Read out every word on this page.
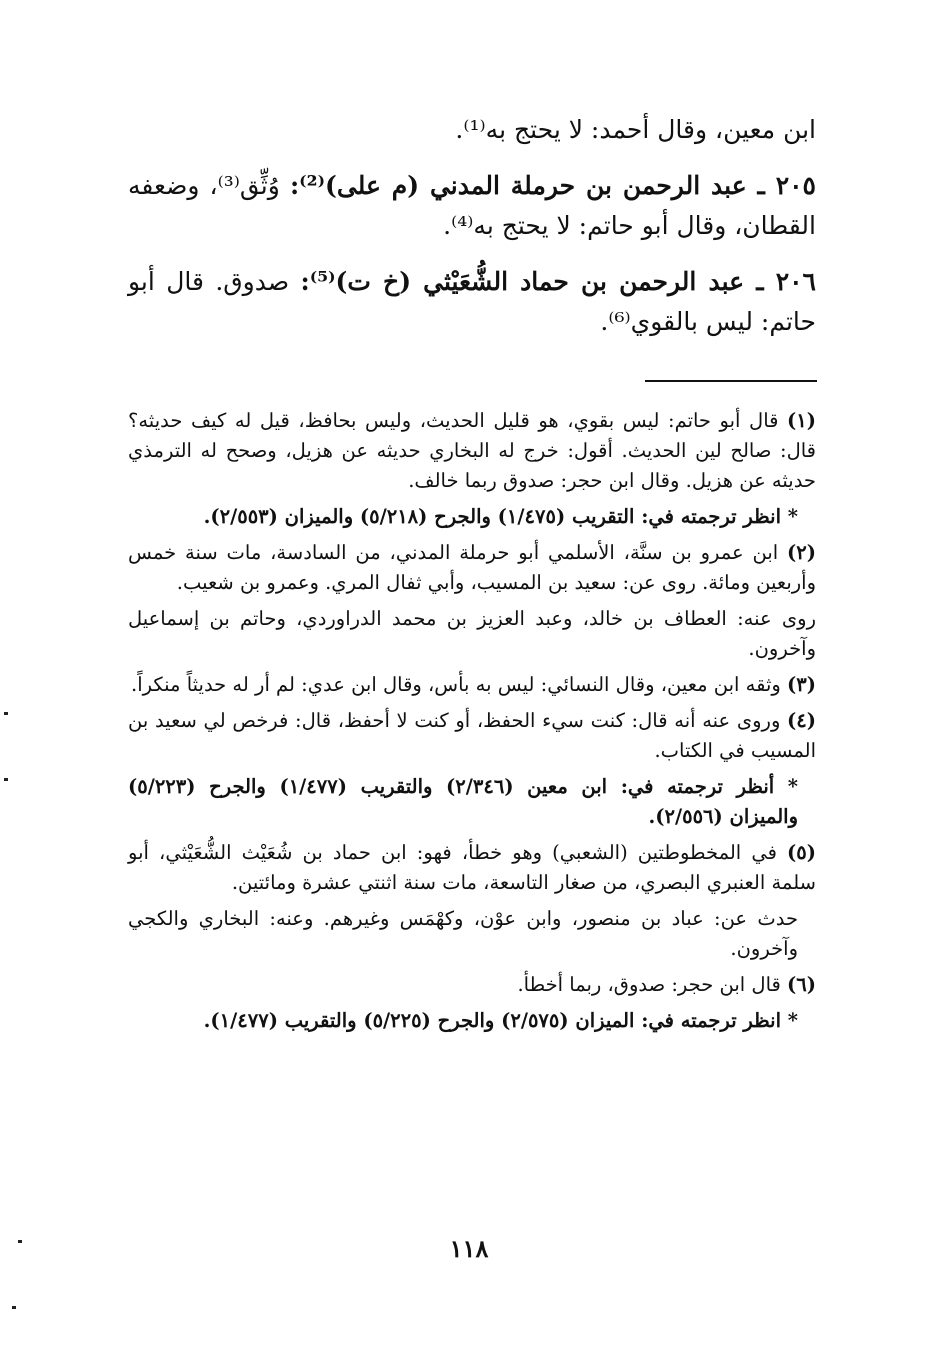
ابن معين، وقال أحمد: لا يحتج به⁽¹⁾.

٢٠٥ ـ عبد الرحمن بن حرملة المدني (م على)⁽²⁾: وُثِّق⁽³⁾، وضعفه القطان، وقال أبو حاتم: لا يحتج به⁽⁴⁾.

٢٠٦ ـ عبد الرحمن بن حماد الشُّعَيْثي (خ ت)⁽⁵⁾: صدوق. قال أبو حاتم: ليس بالقوي⁽⁶⁾.

(١) قال أبو حاتم: ليس بقوي، هو قليل الحديث، وليس بحافظ، قيل له كيف حديثه؟ قال: صالح لين الحديث. أقول: خرج له البخاري حديثه عن هزيل، وصحح له الترمذي حديثه عن هزيل. وقال ابن حجر: صدوق ربما خالف.

* انظر ترجمته في: التقريب (١/٤٧٥) والجرح (٥/٢١٨) والميزان (٢/٥٥٣).

(٢) ابن عمرو بن سنَّة، الأسلمي أبو حرملة المدني، من السادسة، مات سنة خمس وأربعين ومائة. روى عن: سعيد بن المسيب، وأبي ثفال المري. وعمرو بن شعيب.

روى عنه: العطاف بن خالد، وعبد العزيز بن محمد الدراوردي، وحاتم بن إسماعيل وآخرون.

(٣) وثقه ابن معين، وقال النسائي: ليس به بأس، وقال ابن عدي: لم أر له حديثاً منكراً.

(٤) وروى عنه أنه قال: كنت سيء الحفظ، أو كنت لا أحفظ، قال: فرخص لي سعيد بن المسيب في الكتاب.

* أنظر ترجمته في: ابن معين (٢/٣٤٦) والتقريب (١/٤٧٧) والجرح (٥/٢٢٣) والميزان (٢/٥٥٦).

(٥) في المخطوطتين (الشعبي) وهو خطأ، فهو: ابن حماد بن شُعَيْث الشُّعَيْثي، أبو سلمة العنبري البصري، من صغار التاسعة، مات سنة اثنتي عشرة ومائتين.

حدث عن: عباد بن منصور، وابن عوْن، وكهْمَس وغيرهم. وعنه: البخاري والكجي وآخرون.

(٦) قال ابن حجر: صدوق، ربما أخطأ.

* انظر ترجمته في: الميزان (٢/٥٧٥) والجرح (٥/٢٢٥) والتقريب (١/٤٧٧).

١١٨
